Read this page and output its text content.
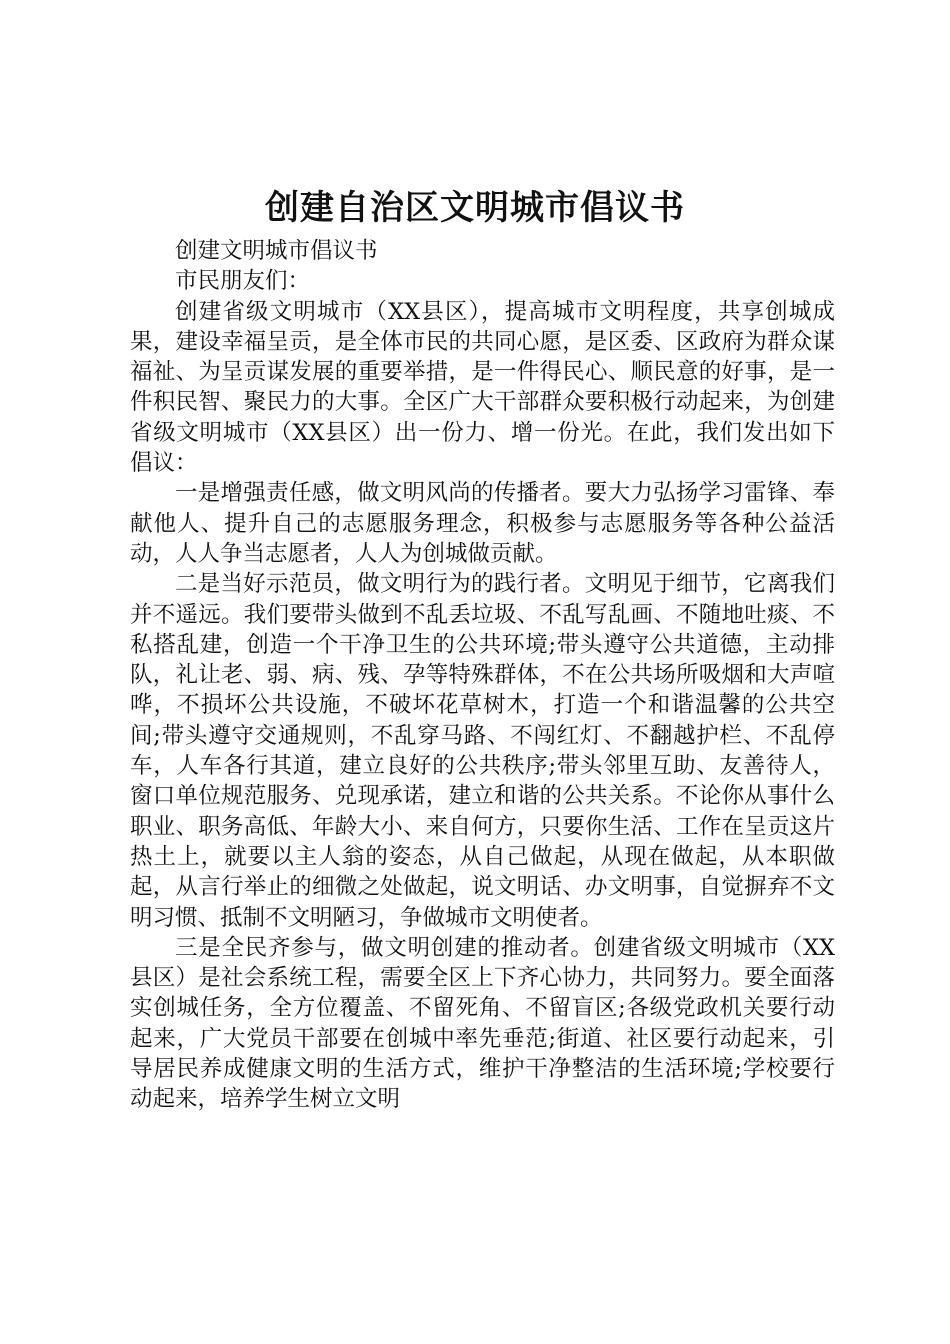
创建自治区文明城市倡议书

创建文明城市倡议书

市民朋友们：

创建省级文明城市（XX县区），提高城市文明程度，共享创城成果，建设幸福呈贡，是全体市民的共同心愿，是区委、区政府为群众谋福祉、为呈贡谋发展的重要举措，是一件得民心、顺民意的好事，是一件积民智、聚民力的大事。全区广大干部群众要积极行动起来，为创建省级文明城市（XX县区）出一份力、增一份光。在此，我们发出如下倡议：

一是增强责任感，做文明风尚的传播者。要大力弘扬学习雷锋、奉献他人、提升自己的志愿服务理念，积极参与志愿服务等各种公益活动，人人争当志愿者，人人为创城做贡献。

二是当好示范员，做文明行为的践行者。文明见于细节，它离我们并不遥远。我们要带头做到不乱丢垃圾、不乱写乱画、不随地吐痰、不私搭乱建，创造一个干净卫生的公共环境;带头遵守公共道德，主动排队，礼让老、弱、病、残、孕等特殊群体，不在公共场所吸烟和大声喧哗，不损坏公共设施，不破坏花草树木，打造一个和谐温馨的公共空间;带头遵守交通规则，不乱穿马路、不闯红灯、不翻越护栏、不乱停车，人车各行其道，建立良好的公共秩序;带头邻里互助、友善待人，窗口单位规范服务、兑现承诺，建立和谐的公共关系。不论你从事什么职业、职务高低、年龄大小、来自何方，只要你生活、工作在呈贡这片热土上，就要以主人翁的姿态，从自己做起，从现在做起，从本职做起，从言行举止的细微之处做起，说文明话、办文明事，自觉摒弃不文明习惯、抵制不文明陋习，争做城市文明使者。

三是全民齐参与，做文明创建的推动者。创建省级文明城市（XX县区）是社会系统工程，需要全区上下齐心协力，共同努力。要全面落实创城任务，全方位覆盖、不留死角、不留盲区;各级党政机关要行动起来，广大党员干部要在创城中率先垂范;街道、社区要行动起来，引导居民养成健康文明的生活方式，维护干净整洁的生活环境;学校要行动起来，培养学生树立文明
